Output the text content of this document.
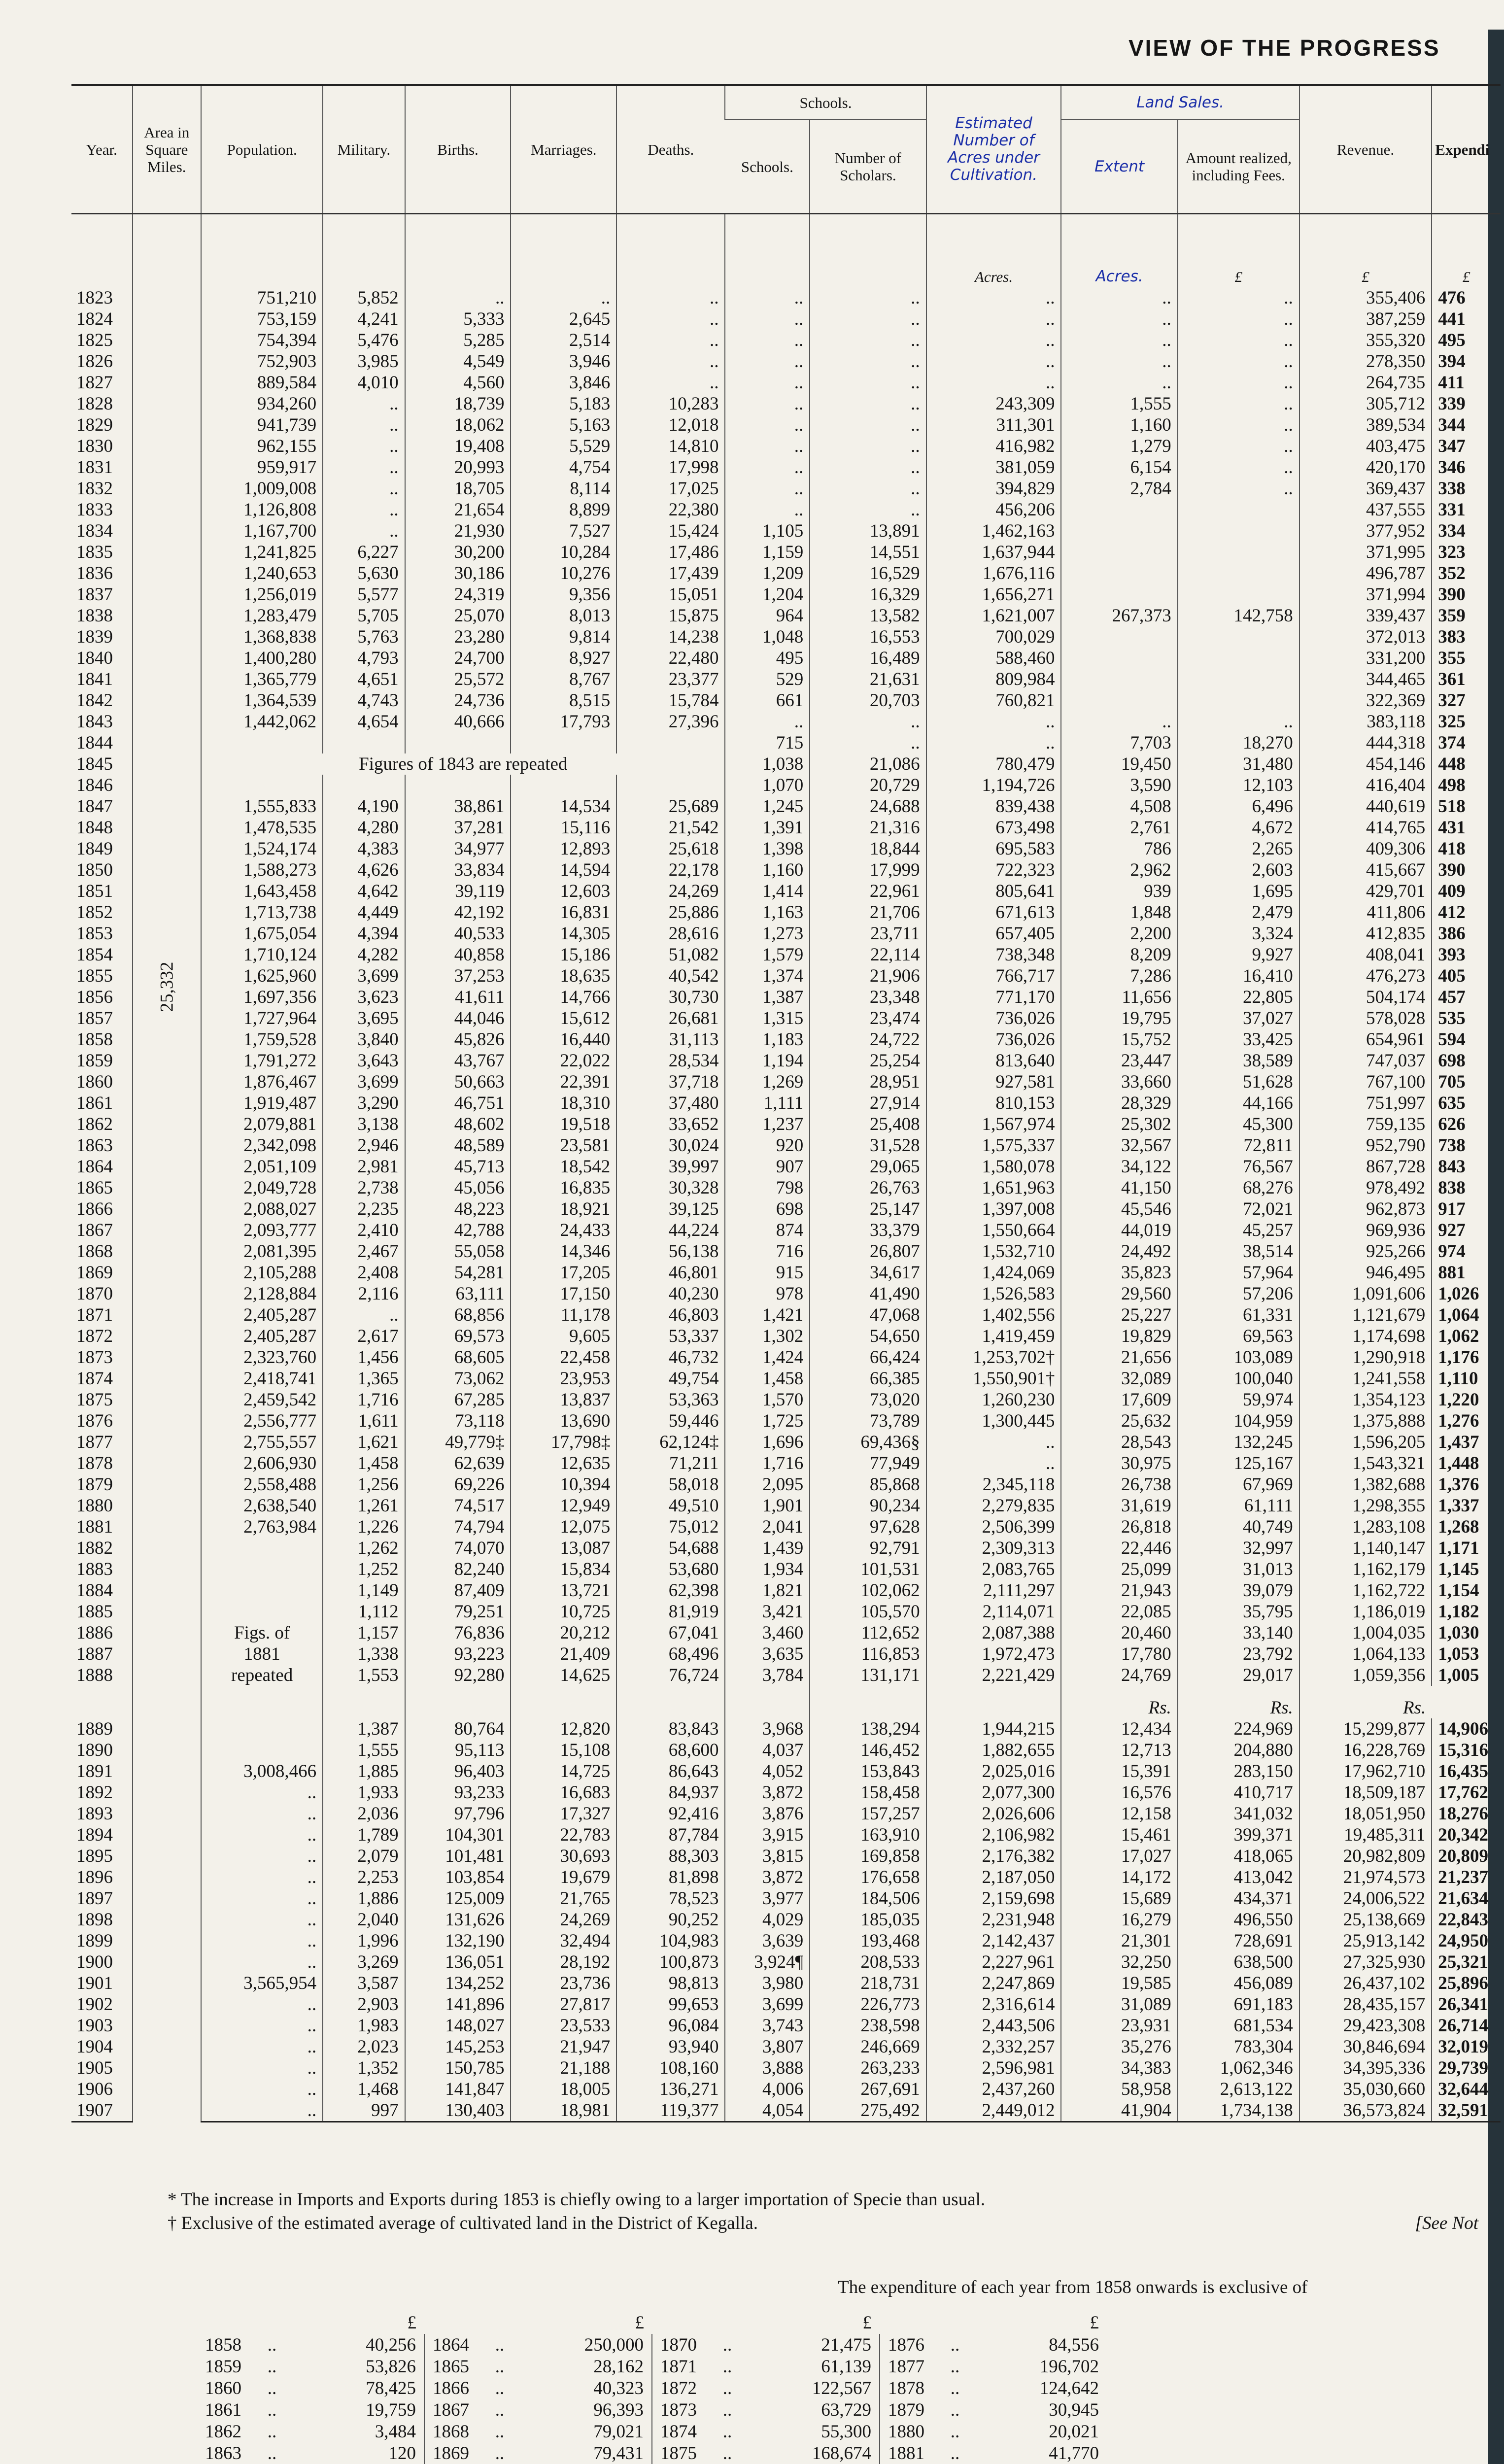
VIEW OF THE PROGRESS
Year.	Area in Square Miles.	Population.	Military.	Births.	Marriages.	Deaths.	Schools.		Estimated Number of Acres under Cultivation.	Land Sales.		Revenue.	Expendi
							Schools.	Number of Scholars.		Extent	Amount realized, including Fees.		
									Acres.	Acres.	£	£	£
1823	25,332	751,210	5,852	..	..	..	..	..	..	..	..	355,406	476
1824		753,159	4,241	5,333	2,645	..	..	..	..	..	..	387,259	441
1825		754,394	5,476	5,285	2,514	..	..	..	..	..	..	355,320	495
1826		752,903	3,985	4,549	3,946	..	..	..	..	..	..	278,350	394
1827		889,584	4,010	4,560	3,846	..	..	..	..	..	..	264,735	411
1828		934,260	..	18,739	5,183	10,283	..	..	243,309	1,555	..	305,712	339
1829		941,739	..	18,062	5,163	12,018	..	..	311,301	1,160	..	389,534	344
1830		962,155	..	19,408	5,529	14,810	..	..	416,982	1,279	..	403,475	347
1831		959,917	..	20,993	4,754	17,998	..	..	381,059	6,154	..	420,170	346
1832		1,009,008	..	18,705	8,114	17,025	..	..	394,829	2,784	..	369,437	338
1833		1,126,808	..	21,654	8,899	22,380	..	..	456,206			437,555	331
1834		1,167,700	..	21,930	7,527	15,424	1,105	13,891	1,462,163			377,952	334
1835		1,241,825	6,227	30,200	10,284	17,486	1,159	14,551	1,637,944			371,995	323
1836		1,240,653	5,630	30,186	10,276	17,439	1,209	16,529	1,676,116			496,787	352
1837		1,256,019	5,577	24,319	9,356	15,051	1,204	16,329	1,656,271			371,994	390
1838		1,283,479	5,705	25,070	8,013	15,875	964	13,582	1,621,007	267,373	142,758	339,437	359
1839		1,368,838	5,763	23,280	9,814	14,238	1,048	16,553	700,029			372,013	383
1840		1,400,280	4,793	24,700	8,927	22,480	495	16,489	588,460			331,200	355
1841		1,365,779	4,651	25,572	8,767	23,377	529	21,631	809,984			344,465	361
1842		1,364,539	4,743	24,736	8,515	15,784	661	20,703	760,821			322,369	327
1843		1,442,062	4,654	40,666	17,793	27,396	..	..	..	..	..	383,118	325
1844							715	..	..	7,703	18,270	444,318	374
1845		Figures of 1843 are repeated					1,038	21,086	780,479	19,450	31,480	454,146	448
1846							1,070	20,729	1,194,726	3,590	12,103	416,404	498
1847		1,555,833	4,190	38,861	14,534	25,689	1,245	24,688	839,438	4,508	6,496	440,619	518
1848		1,478,535	4,280	37,281	15,116	21,542	1,391	21,316	673,498	2,761	4,672	414,765	431
1849		1,524,174	4,383	34,977	12,893	25,618	1,398	18,844	695,583	786	2,265	409,306	418
1850		1,588,273	4,626	33,834	14,594	22,178	1,160	17,999	722,323	2,962	2,603	415,667	390
1851		1,643,458	4,642	39,119	12,603	24,269	1,414	22,961	805,641	939	1,695	429,701	409
1852		1,713,738	4,449	42,192	16,831	25,886	1,163	21,706	671,613	1,848	2,479	411,806	412
1853		1,675,054	4,394	40,533	14,305	28,616	1,273	23,711	657,405	2,200	3,324	412,835	386
1854		1,710,124	4,282	40,858	15,186	51,082	1,579	22,114	738,348	8,209	9,927	408,041	393
1855		1,625,960	3,699	37,253	18,635	40,542	1,374	21,906	766,717	7,286	16,410	476,273	405
1856		1,697,356	3,623	41,611	14,766	30,730	1,387	23,348	771,170	11,656	22,805	504,174	457
1857		1,727,964	3,695	44,046	15,612	26,681	1,315	23,474	736,026	19,795	37,027	578,028	535
1858		1,759,528	3,840	45,826	16,440	31,113	1,183	24,722	736,026	15,752	33,425	654,961	594
1859		1,791,272	3,643	43,767	22,022	28,534	1,194	25,254	813,640	23,447	38,589	747,037	698
1860		1,876,467	3,699	50,663	22,391	37,718	1,269	28,951	927,581	33,660	51,628	767,100	705
1861		1,919,487	3,290	46,751	18,310	37,480	1,111	27,914	810,153	28,329	44,166	751,997	635
1862		2,079,881	3,138	48,602	19,518	33,652	1,237	25,408	1,567,974	25,302	45,300	759,135	626
1863		2,342,098	2,946	48,589	23,581	30,024	920	31,528	1,575,337	32,567	72,811	952,790	738
1864		2,051,109	2,981	45,713	18,542	39,997	907	29,065	1,580,078	34,122	76,567	867,728	843
1865		2,049,728	2,738	45,056	16,835	30,328	798	26,763	1,651,963	41,150	68,276	978,492	838
1866		2,088,027	2,235	48,223	18,921	39,125	698	25,147	1,397,008	45,546	72,021	962,873	917
1867		2,093,777	2,410	42,788	24,433	44,224	874	33,379	1,550,664	44,019	45,257	969,936	927
1868		2,081,395	2,467	55,058	14,346	56,138	716	26,807	1,532,710	24,492	38,514	925,266	974
1869		2,105,288	2,408	54,281	17,205	46,801	915	34,617	1,424,069	35,823	57,964	946,495	881
1870		2,128,884	2,116	63,111	17,150	40,230	978	41,490	1,526,583	29,560	57,206	1,091,606	1,026
1871		2,405,287	..	68,856	11,178	46,803	1,421	47,068	1,402,556	25,227	61,331	1,121,679	1,064
1872		2,405,287	2,617	69,573	9,605	53,337	1,302	54,650	1,419,459	19,829	69,563	1,174,698	1,062
1873		2,323,760	1,456	68,605	22,458	46,732	1,424	66,424	1,253,702†	21,656	103,089	1,290,918	1,176
1874		2,418,741	1,365	73,062	23,953	49,754	1,458	66,385	1,550,901†	32,089	100,040	1,241,558	1,110
1875		2,459,542	1,716	67,285	13,837	53,363	1,570	73,020	1,260,230	17,609	59,974	1,354,123	1,220
1876		2,556,777	1,611	73,118	13,690	59,446	1,725	73,789	1,300,445	25,632	104,959	1,375,888	1,276
1877		2,755,557	1,621	49,779‡	17,798‡	62,124‡	1,696	69,436§	..	28,543	132,245	1,596,205	1,437
1878		2,606,930	1,458	62,639	12,635	71,211	1,716	77,949	..	30,975	125,167	1,543,321	1,448
1879		2,558,488	1,256	69,226	10,394	58,018	2,095	85,868	2,345,118	26,738	67,969	1,382,688	1,376
1880		2,638,540	1,261	74,517	12,949	49,510	1,901	90,234	2,279,835	31,619	61,111	1,298,355	1,337
1881		2,763,984	1,226	74,794	12,075	75,012	2,041	97,628	2,506,399	26,818	40,749	1,283,108	1,268
1882			1,262	74,070	13,087	54,688	1,439	92,791	2,309,313	22,446	32,997	1,140,147	1,171
1883			1,252	82,240	15,834	53,680	1,934	101,531	2,083,765	25,099	31,013	1,162,179	1,145
1884			1,149	87,409	13,721	62,398	1,821	102,062	2,111,297	21,943	39,079	1,162,722	1,154
1885			1,112	79,251	10,725	81,919	3,421	105,570	2,114,071	22,085	35,795	1,186,019	1,182
1886		Figs. of	1,157	76,836	20,212	67,041	3,460	112,652	2,087,388	20,460	33,140	1,004,035	1,030
1887		1881	1,338	93,223	21,409	68,496	3,635	116,853	1,972,473	17,780	23,792	1,064,133	1,053
1888		repeated	1,553	92,280	14,625	76,724	3,784	131,171	2,221,429	24,769	29,017	1,059,356	1,005
										Rs.	Rs.	Rs.	
1889			1,387	80,764	12,820	83,843	3,968	138,294	1,944,215	12,434	224,969	15,299,877	14,906
1890			1,555	95,113	15,108	68,600	4,037	146,452	1,882,655	12,713	204,880	16,228,769	15,316
1891		3,008,466	1,885	96,403	14,725	86,643	4,052	153,843	2,025,016	15,391	283,150	17,962,710	16,435
1892		..	1,933	93,233	16,683	84,937	3,872	158,458	2,077,300	16,576	410,717	18,509,187	17,762
1893		..	2,036	97,796	17,327	92,416	3,876	157,257	2,026,606	12,158	341,032	18,051,950	18,276
1894		..	1,789	104,301	22,783	87,784	3,915	163,910	2,106,982	15,461	399,371	19,485,311	20,342
1895		..	2,079	101,481	30,693	88,303	3,815	169,858	2,176,382	17,027	418,065	20,982,809	20,809
1896		..	2,253	103,854	19,679	81,898	3,872	176,658	2,187,050	14,172	413,042	21,974,573	21,237
1897		..	1,886	125,009	21,765	78,523	3,977	184,506	2,159,698	15,689	434,371	24,006,522	21,634
1898		..	2,040	131,626	24,269	90,252	4,029	185,035	2,231,948	16,279	496,550	25,138,669	22,843
1899		..	1,996	132,190	32,494	104,983	3,639	193,468	2,142,437	21,301	728,691	25,913,142	24,950
1900		..	3,269	136,051	28,192	100,873	3,924¶	208,533	2,227,961	32,250	638,500	27,325,930	25,321
1901		3,565,954	3,587	134,252	23,736	98,813	3,980	218,731	2,247,869	19,585	456,089	26,437,102	25,896
1902		..	2,903	141,896	27,817	99,653	3,699	226,773	2,316,614	31,089	691,183	28,435,157	26,341
1903		..	1,983	148,027	23,533	96,084	3,743	238,598	2,443,506	23,931	681,534	29,423,308	26,714
1904		..	2,023	145,253	21,947	93,940	3,807	246,669	2,332,257	35,276	783,304	30,846,694	32,019
1905		..	1,352	150,785	21,188	108,160	3,888	263,233	2,596,981	34,383	1,062,346	34,395,336	29,739
1906		..	1,468	141,847	18,005	136,271	4,006	267,691	2,437,260	58,958	2,613,122	35,030,660	32,644
1907		..	997	130,403	18,981	119,377	4,054	275,492	2,449,012	41,904	1,734,138	36,573,824	32,591
* The increase in Imports and Exports during 1853 is chiefly owing to a larger importation of Specie than usual.
† Exclusive of the estimated average of cultivated land in the District of Kegalla.	[See Not
The expenditure of each year from 1858 onwards is exclusive of
		£			£			£			£
1858	..	40,256	1864	..	250,000	1870	..	21,475	1876	..	84,556
1859	..	53,826	1865	..	28,162	1871	..	61,139	1877	..	196,702
1860	..	78,425	1866	..	40,323	1872	..	122,567	1878	..	124,642
1861	..	19,759	1867	..	96,393	1873	..	63,729	1879	..	30,945
1862	..	3,484	1868	..	79,021	1874	..	55,300	1880	..	20,021
1863	..	120	1869	..	79,431	1875	..	168,674	1881	..	41,770
